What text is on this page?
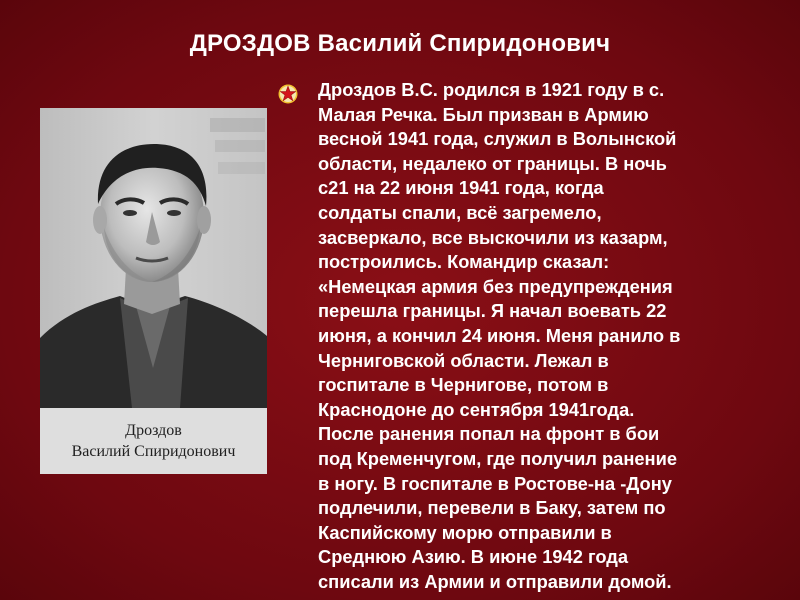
ДРОЗДОВ Василий Спиридонович
Дроздов
Василий Спиридонович
Дроздов В.С. родился в 1921 году в с.
Малая Речка. Был призван в Армию
весной 1941 года, служил в Волынской
области, недалеко от границы. В ночь
с21 на 22 июня 1941 года, когда
солдаты спали, всё загремело,
засверкало, все выскочили из казарм,
построились. Командир сказал:
«Немецкая армия без предупреждения
перешла границы. Я начал воевать 22
июня, а кончил 24 июня. Меня ранило в
Черниговской области. Лежал в
госпитале в Чернигове, потом в
Краснодоне до сентября 1941года.
После ранения попал на фронт в бои
под Кременчугом, где получил ранение
в ногу. В госпитале в Ростове-на -Дону
подлечили, перевели в Баку, затем по
Каспийскому морю отправили в
Среднюю Азию. В июне 1942 года
списали из Армии и отправили домой.
